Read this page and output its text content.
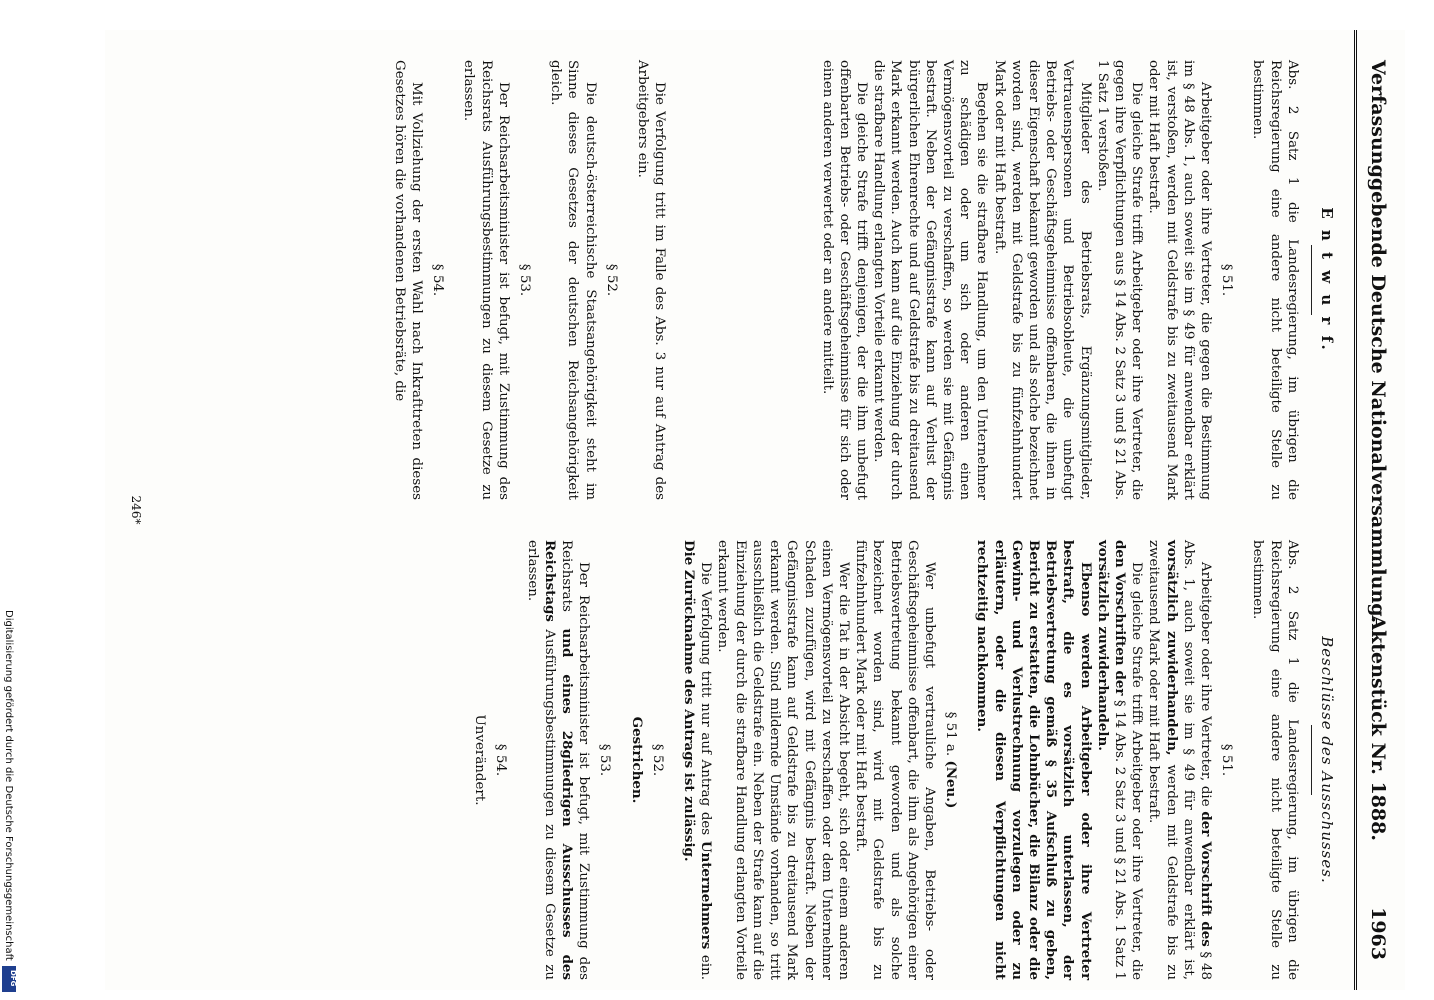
Verfassunggebende Deutsche Nationalversammlung.
Aktenstück Nr. 1888.          1963
E n t w u r f.

Abs. 2 Satz 1 die Landesregierung, im übrigen die Reichsregierung eine andere nicht beteiligte Stelle zu bestimmen.

§ 51.

Arbeitgeber oder ihre Vertreter, die gegen die Bestimmung im § 48 Abs. 1, auch soweit sie im § 49 für anwendbar erklärt ist, verstoßen, werden mit Geldstrafe bis zu zweitausend Mark oder mit Haft bestraft.

Die gleiche Strafe trifft Arbeitgeber oder ihre Vertreter, die gegen ihre Verpflichtungen aus § 14 Abs. 2 Satz 3 und § 21 Abs. 1 Satz 1 verstoßen.

Mitglieder des Betriebsrats, Ergänzungsmitglieder, Vertrauenspersonen und Betriebsobleute, die unbefugt Betriebs- oder Geschäftsgeheimnisse offenbaren, die ihnen in dieser Eigenschaft bekannt geworden und als solche bezeichnet worden sind, werden mit Geldstrafe bis zu fünfzehnhundert Mark oder mit Haft bestraft.

Begehen sie die strafbare Handlung, um den Unternehmer zu schädigen oder um sich oder anderen einen Vermögensvorteil zu verschaffen, so werden sie mit Gefängnis bestraft. Neben der Gefängnisstrafe kann auf Verlust der bürgerlichen Ehrenrechte und auf Geldstrafe bis zu dreitausend Mark erkannt werden. Auch kann auf die Einziehung der durch die strafbare Handlung erlangten Vorteile erkannt werden.

Die gleiche Strafe trifft denjenigen, der die ihm unbefugt offenbarten Betriebs- oder Geschäftsgeheimnisse für sich oder einen anderen verwertet oder an andere mitteilt.

Die Verfolgung tritt im Falle des Abs. 3 nur auf Antrag des Arbeitgebers ein.

§ 52.

Die deutsch-österreichische Staatsangehörigkeit steht im Sinne dieses Gesetzes der deutschen Reichsangehörigkeit gleich.

§ 53.

Der Reichsarbeitsminister ist befugt, mit Zustimmung des Reichsrats Ausführungsbestimmungen zu diesem Gesetze zu erlassen.

§ 54.

Mit Vollziehung der ersten Wahl nach Inkrafttreten dieses Gesetzes hören die vorhandenen Betriebsräte, die

Beschlüsse des Ausschusses.

Abs. 2 Satz 1 die Landesregierung, im übrigen die Reichsregierung eine andere nicht beteiligte Stelle zu bestimmen.

§ 51.

Arbeitgeber oder ihre Vertreter, die der Vorschrift des § 48 Abs. 1, auch soweit sie im § 49 für anwendbar erklärt ist, vorsätzlich zuwiderhandeln, werden mit Geldstrafe bis zu zweitausend Mark oder mit Haft bestraft.

Die gleiche Strafe trifft Arbeitgeber oder ihre Vertreter, die den Vorschriften der § 14 Abs. 2 Satz 3 und § 21 Abs. 1 Satz 1 vorsätzlich zuwiderhandeln.

Ebenso werden Arbeitgeber oder ihre Vertreter bestraft, die es vorsätzlich unterlassen, der Betriebsvertretung gemäß § 35 Aufschluß zu geben, Bericht zu erstatten, die Lohnbücher, die Bilanz oder die Gewinn- und Verlustrechnung vorzulegen oder zu erläutern, oder die diesen Verpflichtungen nicht rechtzeitig nachkommen.

§ 51 a. (Neu.)

Wer unbefugt vertrauliche Angaben, Betriebs- oder Geschäftsgeheimnisse offenbart, die ihm als Angehörigen einer Betriebsvertretung bekannt geworden und als solche bezeichnet worden sind, wird mit Geldstrafe bis zu fünfzehnhundert Mark oder mit Haft bestraft.

Wer die Tat in der Absicht begeht, sich oder einem anderen einen Vermögensvorteil zu verschaffen oder dem Unternehmer Schaden zuzufügen, wird mit Gefängnis bestraft. Neben der Gefängnisstrafe kann auf Geldstrafe bis zu dreitausend Mark erkannt werden. Sind mildernde Umstände vorhanden, so tritt ausschließlich die Geldstrafe ein. Neben der Strafe kann auf die Einziehung der durch die strafbare Handlung erlangten Vorteile erkannt werden.

Die Verfolgung tritt nur auf Antrag des Unternehmers ein. Die Zurücknahme des Antrags ist zulässig.

§ 52.

Gestrichen.

§ 53.

Der Reichsarbeitsminister ist befugt, mit Zustimmung des Reichsrats und eines 28gliedrigen Ausschusses des Reichstags Ausführungsbestimmungen zu diesem Gesetze zu erlassen.

§ 54.

Unverändert.

246*
Digitalisierung gefördert durch die Deutsche Forschungsgemeinschaft
DFG
